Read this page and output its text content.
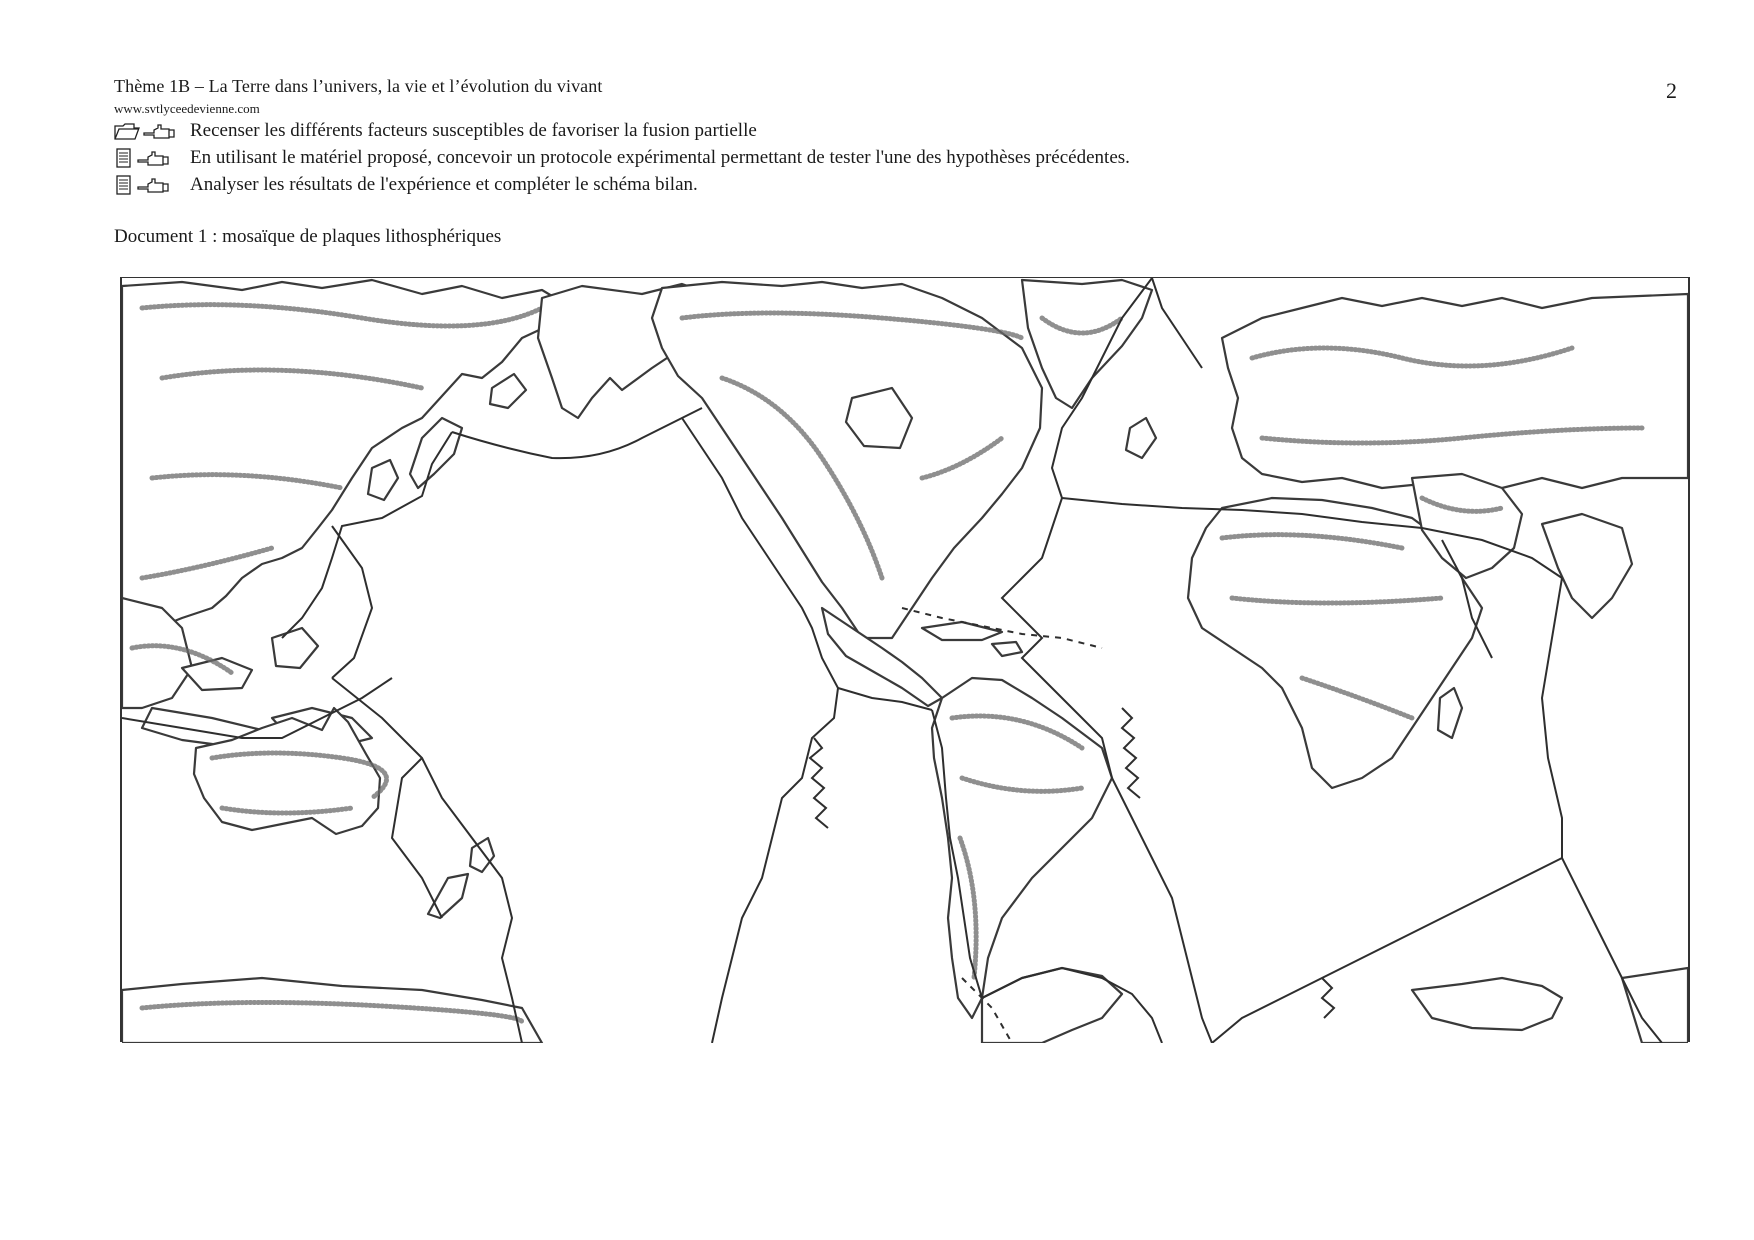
Thème 1B – La Terre dans l’univers, la vie et l’évolution du vivant
www.svtlyceedevienne.com
2
Recenser les différents facteurs susceptibles de favoriser la fusion partielle
En utilisant le matériel proposé, concevoir un protocole expérimental permettant de tester l'une des hypothèses précédentes.
Analyser les résultats de l'expérience et compléter le schéma bilan.
Document 1 : mosaïque de plaques lithosphériques
